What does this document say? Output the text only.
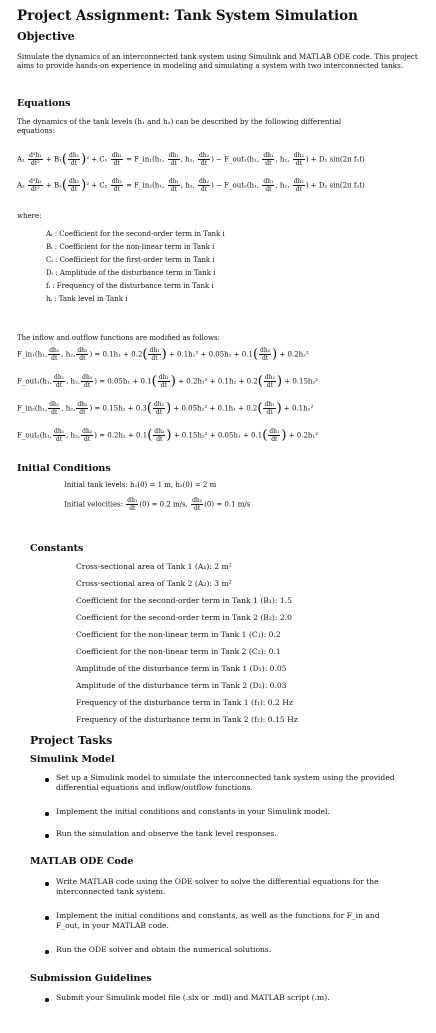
Project Assignment: Tank System Simulation
Objective
Simulate the dynamics of an interconnected tank system using Simulink and MATLAB ODE code. This project aims to provide hands-on experience in modeling and simulating a system with two interconnected tanks.
Equations
The dynamics of the tank levels (h₁ and h₂) can be described by the following differential equations:
$A_1 \frac{\text{d²h₁}}{\text{dt²}} + B_1( \frac{\text{dh₁}}{dt} )^2 + C_1 \frac{\text{dh₁}}{dt}$ = F_in₁(h₁, $\frac{\text{dh₁}}{dt}$ , h₂, $\frac{\text{dh₂}}{dt}$ ) − F_out₁(h₁, $\frac{\text{dh₁}}{dt}$ , h₂, $\frac{\text{dh₂}}{dt}$ ) + D₁ sin(2π f₁t)
$A_2 \frac{\text{d²h₂}}{\text{dt²}} + B_2( \frac{\text{dh₂}}{dt} )^2 + C_2 \frac{\text{dh₂}}{dt}$ = F_in₂(h₁, $\frac{\text{dh₁}}{dt}$ , h₂, $\frac{\text{dh₂}}{dt}$ ) − F_out₂(h₁, $\frac{\text{dh₁}}{dt}$ , h₂, $\frac{\text{dh₂}}{dt}$ ) + D₂ sin(2π f₂t)
where:
Aᵢ : Coefficient for the second-order term in Tank i
Bᵢ : Coefficient for the non-linear term in Tank i
Cᵢ : Coefficient for the first-order term in Tank i
Dᵢ : Amplitude of the disturbance term in Tank i
fᵢ : Frequency of the disturbance term in Tank i
hᵢ : Tank level in Tank i
The inflow and outflow functions are modified as follows:
F_in₁(h₁, $\frac{\text{dh₁}}{dt}$ , h₂, $\frac{\text{dh₂}}{dt}$ ) = $0.1h_1 + 0.2( \frac{\text{dh₁}}{dt}$ ) + $0.1h_1^2 + 0.05h_2 + 0.1( \frac{\text{dh₂}}{dt}$ ) + 0.2h₂²
F_out₁(h₁, $\frac{\text{dh₁}}{dt}$ , h₂, $\frac{\text{dh₂}}{dt}$ ) = $0.05h_1 + 0.1( \frac{\text{dh₁}}{dt}$ ) + $0.2h_1^2 + 0.1h_2 + 0.2( \frac{\text{dh₂}}{dt}$ ) + 0.15h₂²
F_in₂(h₁, $\frac{\text{dh₁}}{dt}$ , h₂, $\frac{\text{dh₂}}{dt}$ ) = $0.15h_2 + 0.3( \frac{\text{dh₂}}{dt}$ ) + $0.05h_2^2 + 0.1h_1 + 0.2( \frac{\text{dh₁}}{dt}$ ) + 0.1h₁²
F_out₂(h₁, $\frac{\text{dh₁}}{dt}$ , h₂, $\frac{\text{dh₂}}{dt}$ ) = $0.2h_2 + 0.1( \frac{\text{dh₂}}{dt}$ ) + $0.15h_2^2 + 0.05h_1 + 0.1( \frac{\text{dh₁}}{dt}$ ) + 0.2h₁²
Initial Conditions
Initial tank levels: h₁(0) = 1 m, h₂(0) = 2 m
Initial velocities: $\frac{\text{dh₁}}{dt} (0) = 0.2$ m/s, $\frac{\text{dh₂}}{dt} (0) = 0.1$ m/s
Constants
Cross-sectional area of Tank 1 (A₁): 2 m²
Cross-sectional area of Tank 2 (A₂): 3 m²
Coefficient for the second-order term in Tank 1 (B₁): 1.5
Coefficient for the second-order term in Tank 2 (B₂): 2.0
Coefficient for the non-linear term in Tank 1 (C₁): 0.2
Coefficient for the non-linear term in Tank 2 (C₂): 0.1
Amplitude of the disturbance term in Tank 1 (D₁): 0.05
Amplitude of the disturbance term in Tank 2 (D₂): 0.03
Frequency of the disturbance term in Tank 1 (f₁): 0.2 Hz
Frequency of the disturbance term in Tank 2 (f₂): 0.15 Hz
Project Tasks
Simulink Model
Set up a Simulink model to simulate the interconnected tank system using the provided differential equations and inflow/outflow functions.
Implement the initial conditions and constants in your Simulink model.
Run the simulation and observe the tank level responses.
MATLAB ODE Code
Write MATLAB code using the ODE solver to solve the differential equations for the interconnected tank system.
Implement the initial conditions and constants, as well as the functions for F_in and F_out, in your MATLAB code.
Run the ODE solver and obtain the numerical solutions.
Submission Guidelines
Submit your Simulink model file (.slx or .mdl) and MATLAB script (.m).
